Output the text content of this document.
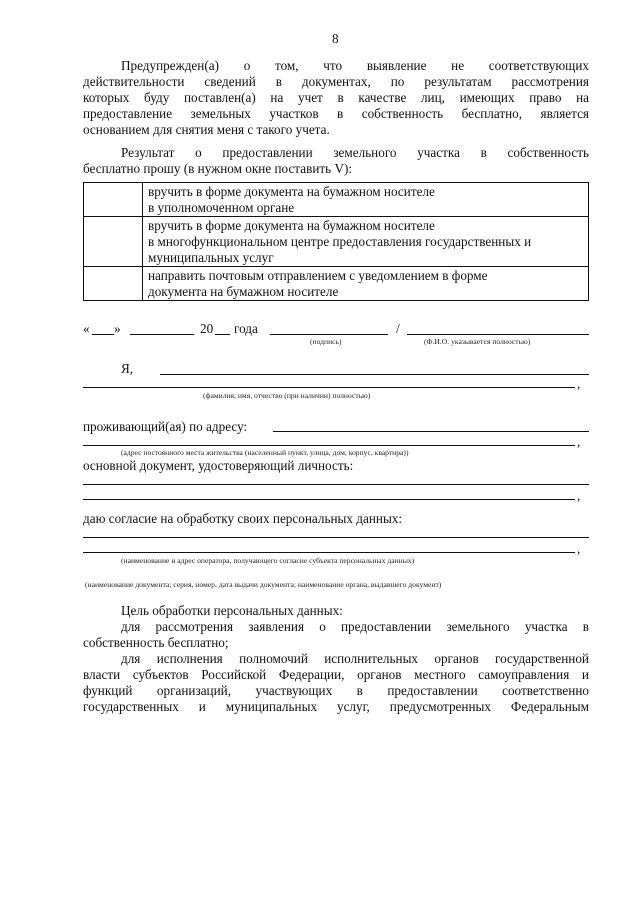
8
Предупрежден(а) о том, что выявление не соответствующих
действительности сведений в документах, по результатам рассмотрения
которых буду поставлен(а) на учет в качестве лиц, имеющих право на
предоставление земельных участков в собственность бесплатно, является
основанием для снятия меня с такого учета.
Результат о предоставлении земельного участка в собственность
бесплатно прошу (в нужном окне поставить V):

	вручить в форме документа на бумажном носителе
в уполномоченном органе

	вручить в форме документа на бумажном носителе
в многофункциональном центре предоставления государственных и
муниципальных услуг

	направить почтовым отправлением с уведомлением в форме
документа на бумажном носителе
« »	20 года	/
(подпись)	(Ф.И.О. указывается полностью)
Я,
,
(фамилия, имя, отчество (при наличии) полностью)
проживающий(ая) по адресу:
,
(адрес постоянного места жительства (населенный пункт, улица, дом, корпус, квартира))
основной документ, удостоверяющий личность:
,
даю согласие на обработку своих персональных данных:
,
(наименование и адрес оператора, получающего согласие субъекта персональных данных)
(наименование документа; серия, номер, дата выдачи документа; наименование органа, выдавшего документ)
Цель обработки персональных данных:
для рассмотрения заявления о предоставлении земельного участка в
собственность бесплатно;
для исполнения полномочий исполнительных органов государственной
власти субъектов Российской Федерации, органов местного самоуправления и
функций организаций, участвующих в предоставлении соответственно
государственных и муниципальных услуг, предусмотренных Федеральным
